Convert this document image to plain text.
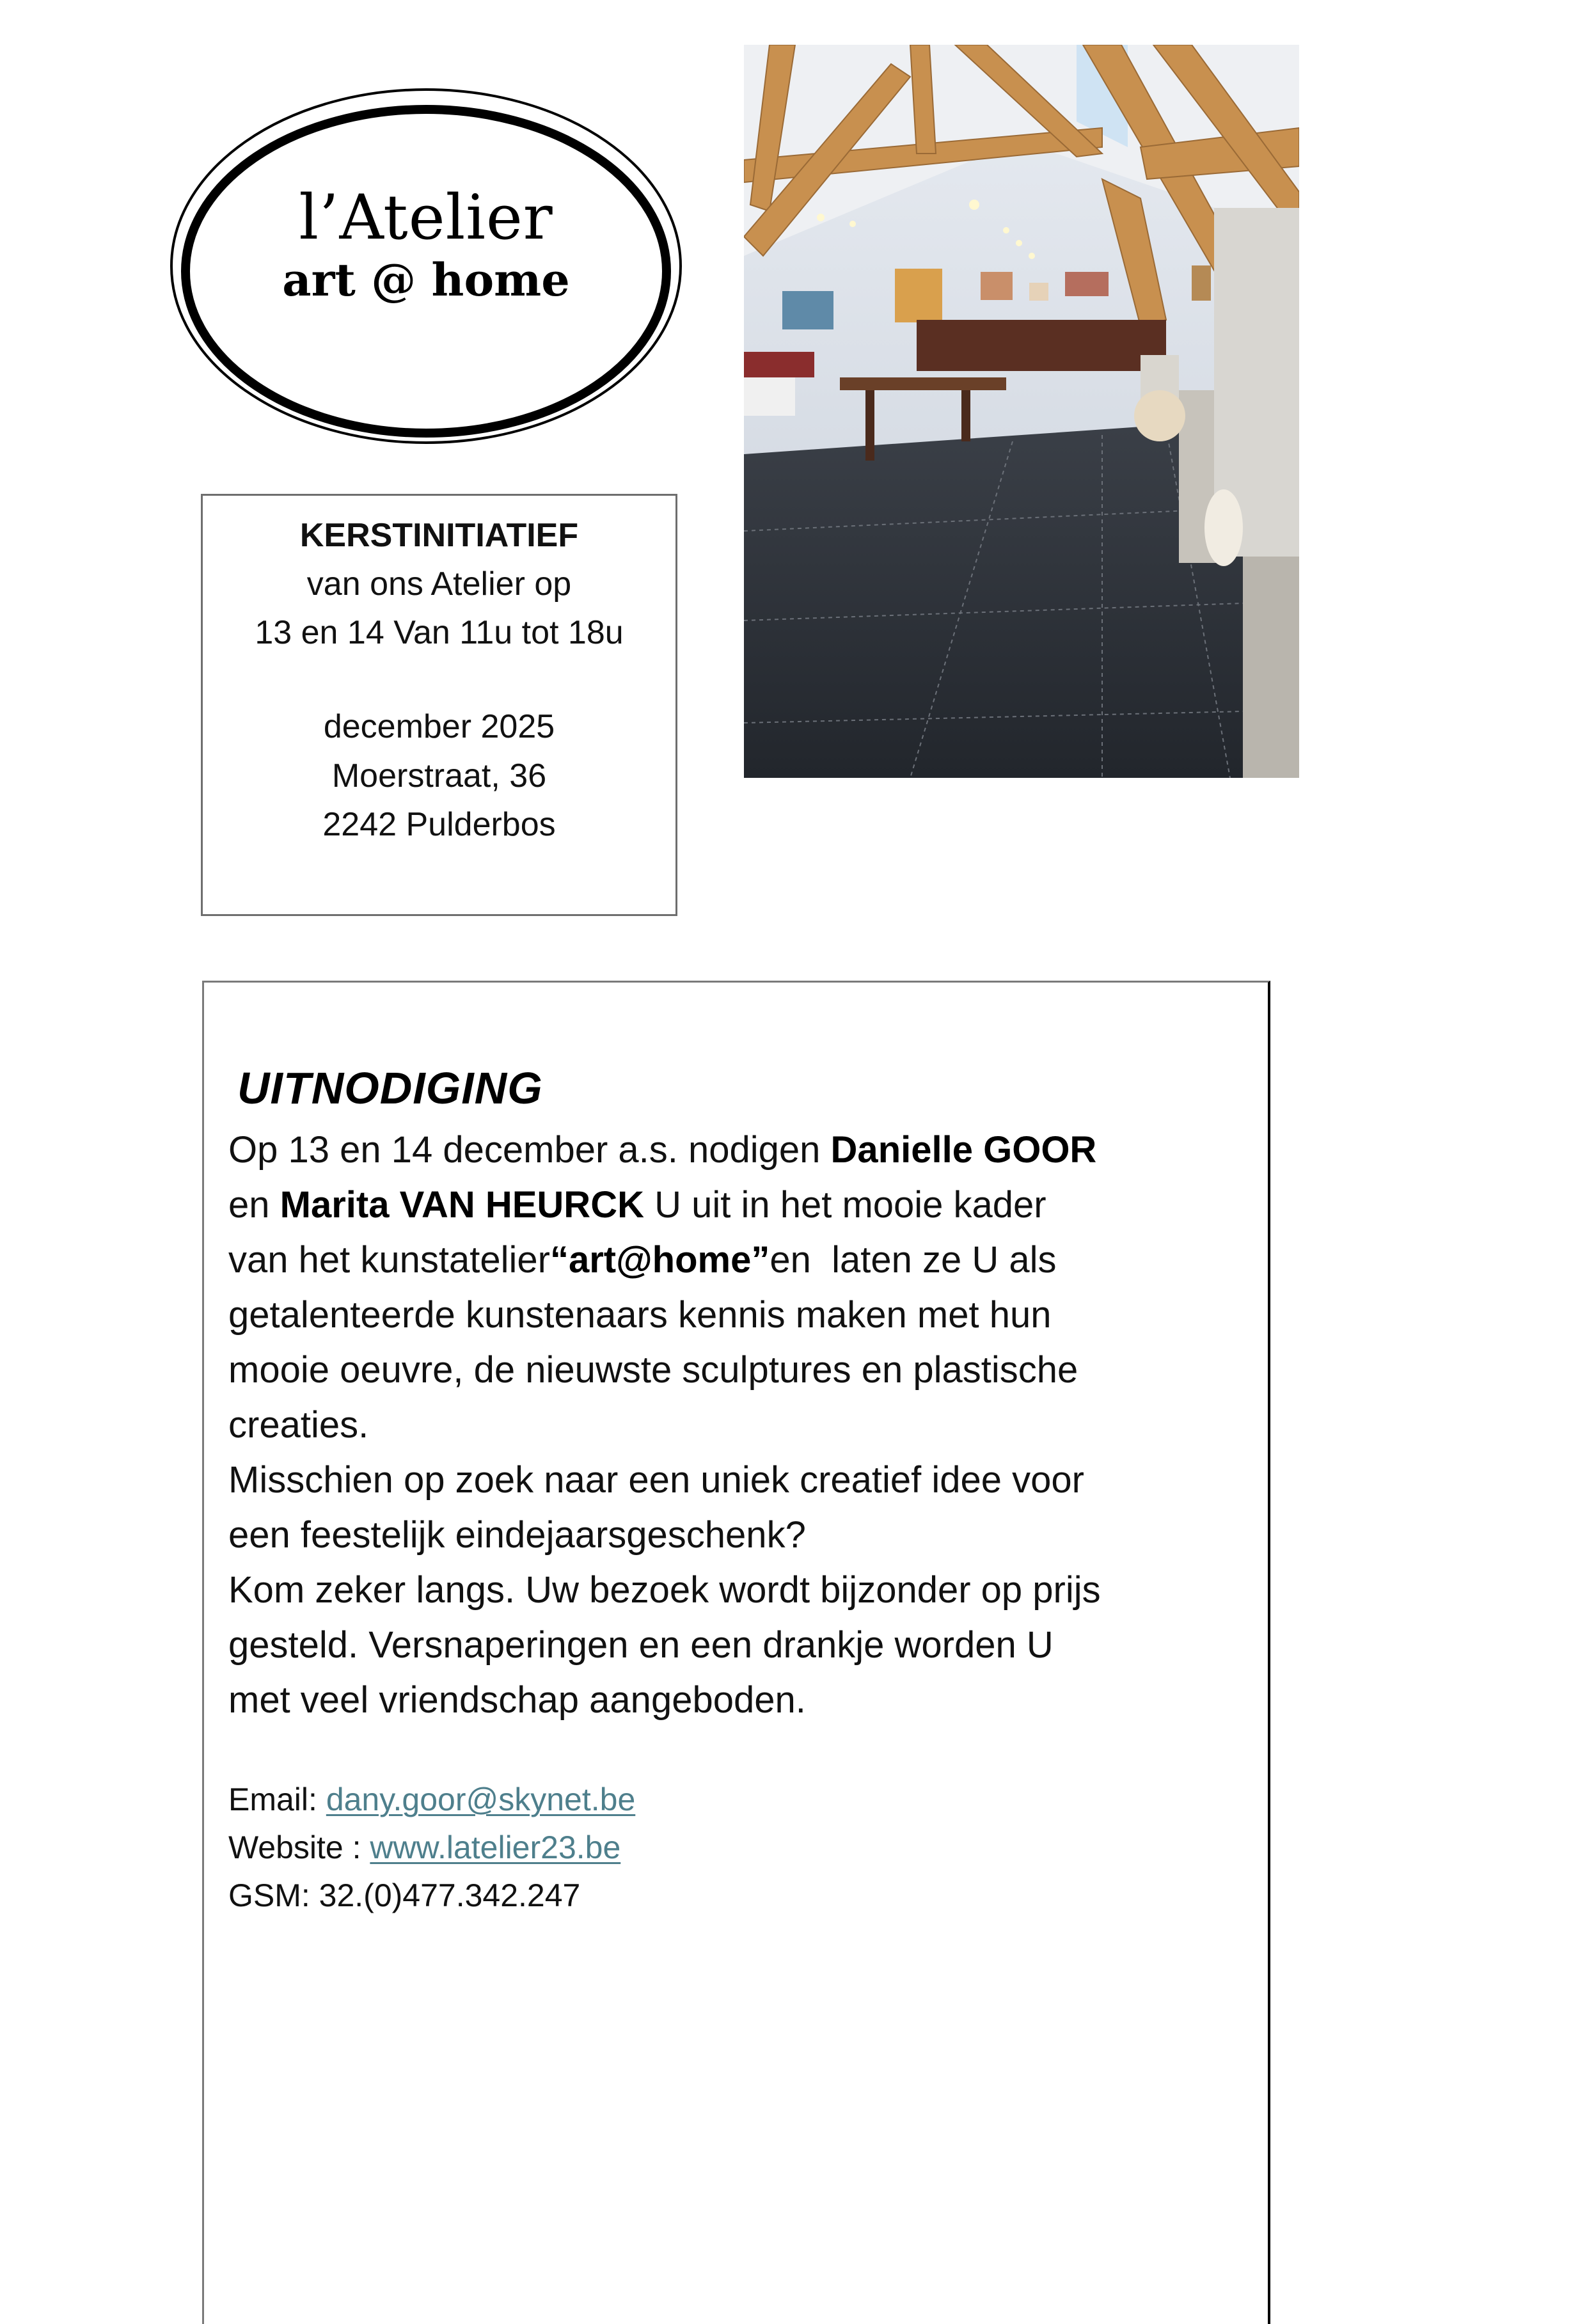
l’Atelier
art @ home
KERSTINITIATIEF
van ons Atelier op
13 en 14 Van 11u tot 18u
december 2025
Moerstraat, 36
2242 Pulderbos
UITNODIGING
Op 13 en 14 december a.s. nodigen Danielle GOOR
en Marita VAN HEURCK U uit in het mooie kader
van het kunstatelier“art@home”en  laten ze U als
getalenteerde kunstenaars kennis maken met hun
mooie oeuvre, de nieuwste sculptures en plastische
creaties.
Misschien op zoek naar een uniek creatief idee voor
een feestelijk eindejaarsgeschenk?
Kom zeker langs. Uw bezoek wordt bijzonder op prijs
gesteld. Versnaperingen en een drankje worden U
met veel vriendschap aangeboden.
Email: dany.goor@skynet.be
Website : www.latelier23.be
GSM: 32.(0)477.342.247
